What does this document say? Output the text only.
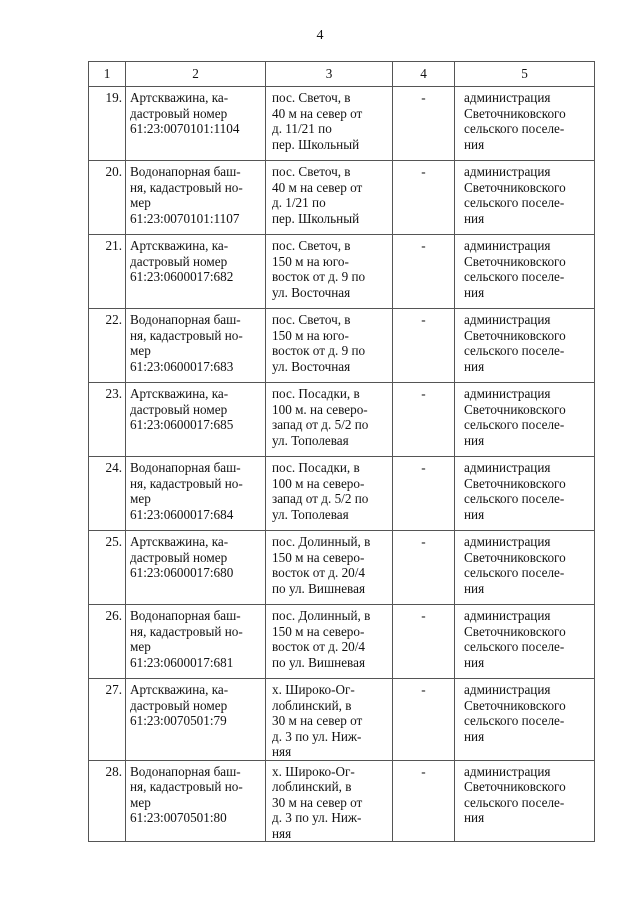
4
1	2	3	4	5
19.	Артскважина, ка-
дастровый номер
61:23:0070101:1104	пос. Светоч, в
40 м на север от
д. 11/21 по
пер. Школьный	-	администрация
Светочниковского
сельского поселе-
ния
20.	Водонапорная баш-
ня, кадастровый но-
мер
61:23:0070101:1107	пос. Светоч, в
40 м на север от
д. 1/21 по
пер. Школьный	-	администрация
Светочниковского
сельского поселе-
ния
21.	Артскважина, ка-
дастровый номер
61:23:0600017:682	пос. Светоч, в
150 м на юго-
восток от д. 9 по
ул. Восточная	-	администрация
Светочниковского
сельского поселе-
ния
22.	Водонапорная баш-
ня, кадастровый но-
мер
61:23:0600017:683	пос. Светоч, в
150 м на юго-
восток от д. 9 по
ул. Восточная	-	администрация
Светочниковского
сельского поселе-
ния
23.	Артскважина, ка-
дастровый номер
61:23:0600017:685	пос. Посадки, в
100 м. на северо-
запад от д. 5/2 по
ул. Тополевая	-	администрация
Светочниковского
сельского поселе-
ния
24.	Водонапорная баш-
ня, кадастровый но-
мер
61:23:0600017:684	пос. Посадки, в
100 м на северо-
запад от д. 5/2 по
ул. Тополевая	-	администрация
Светочниковского
сельского поселе-
ния
25.	Артскважина, ка-
дастровый номер
61:23:0600017:680	пос. Долинный, в
150 м на северо-
восток от д. 20/4
по ул. Вишневая	-	администрация
Светочниковского
сельского поселе-
ния
26.	Водонапорная баш-
ня, кадастровый но-
мер
61:23:0600017:681	пос. Долинный, в
150 м на северо-
восток от д. 20/4
по ул. Вишневая	-	администрация
Светочниковского
сельского поселе-
ния
27.	Артскважина, ка-
дастровый номер
61:23:0070501:79	х. Широко-Ог-
лоблинский, в
30 м на север от
д. 3 по ул. Ниж-
няя	-	администрация
Светочниковского
сельского поселе-
ния
28.	Водонапорная баш-
ня, кадастровый но-
мер
61:23:0070501:80	х. Широко-Ог-
лоблинский, в
30 м на север от
д. 3 по ул. Ниж-
няя	-	администрация
Светочниковского
сельского поселе-
ния
